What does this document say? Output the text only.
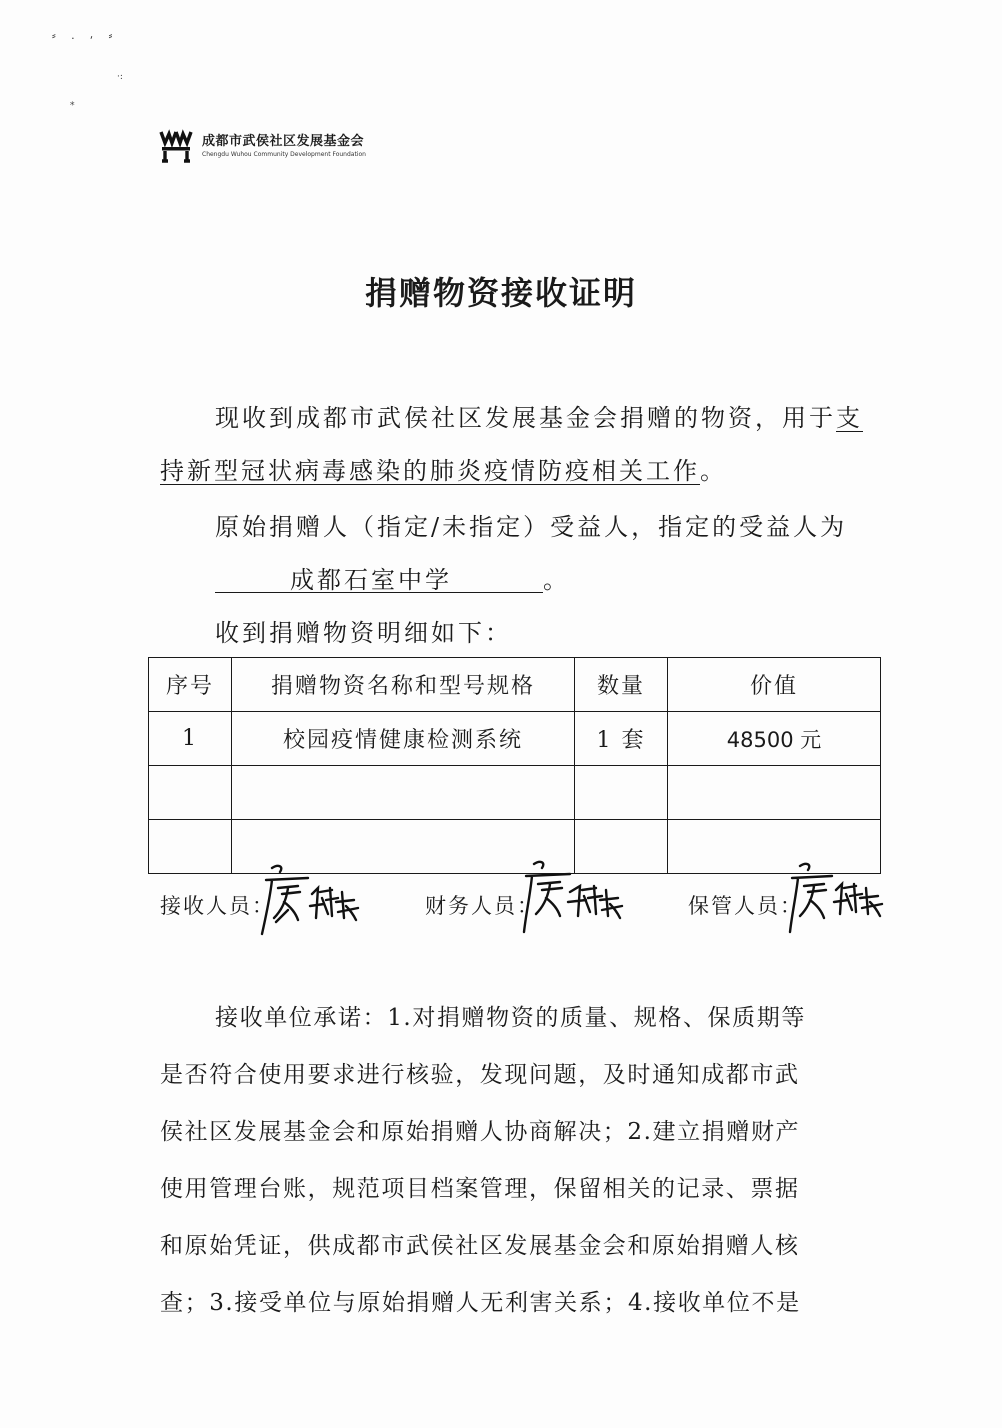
⸗ . ⸴ ⸗
·:
⁎
成都市武侯社区发展基金会
Chengdu Wuhou Community Development Foundation
捐赠物资接收证明
现收到成都市武侯社区发展基金会捐赠的物资，用于支
持新型冠状病毒感染的肺炎疫情防疫相关工作。
原始捐赠人（指定/未指定）受益人，指定的受益人为
成都石室中学	。
收到捐赠物资明细如下：
序号	捐赠物资名称和型号规格	数量	价值
1	校园疫情健康检测系统	1 套	48500 元

接收人员：	财务人员：	保管人员：
接收单位承诺：1.对捐赠物资的质量、规格、保质期等
是否符合使用要求进行核验，发现问题，及时通知成都市武
侯社区发展基金会和原始捐赠人协商解决；2.建立捐赠财产
使用管理台账，规范项目档案管理，保留相关的记录、票据
和原始凭证，供成都市武侯社区发展基金会和原始捐赠人核
查；3.接受单位与原始捐赠人无利害关系；4.接收单位不是
